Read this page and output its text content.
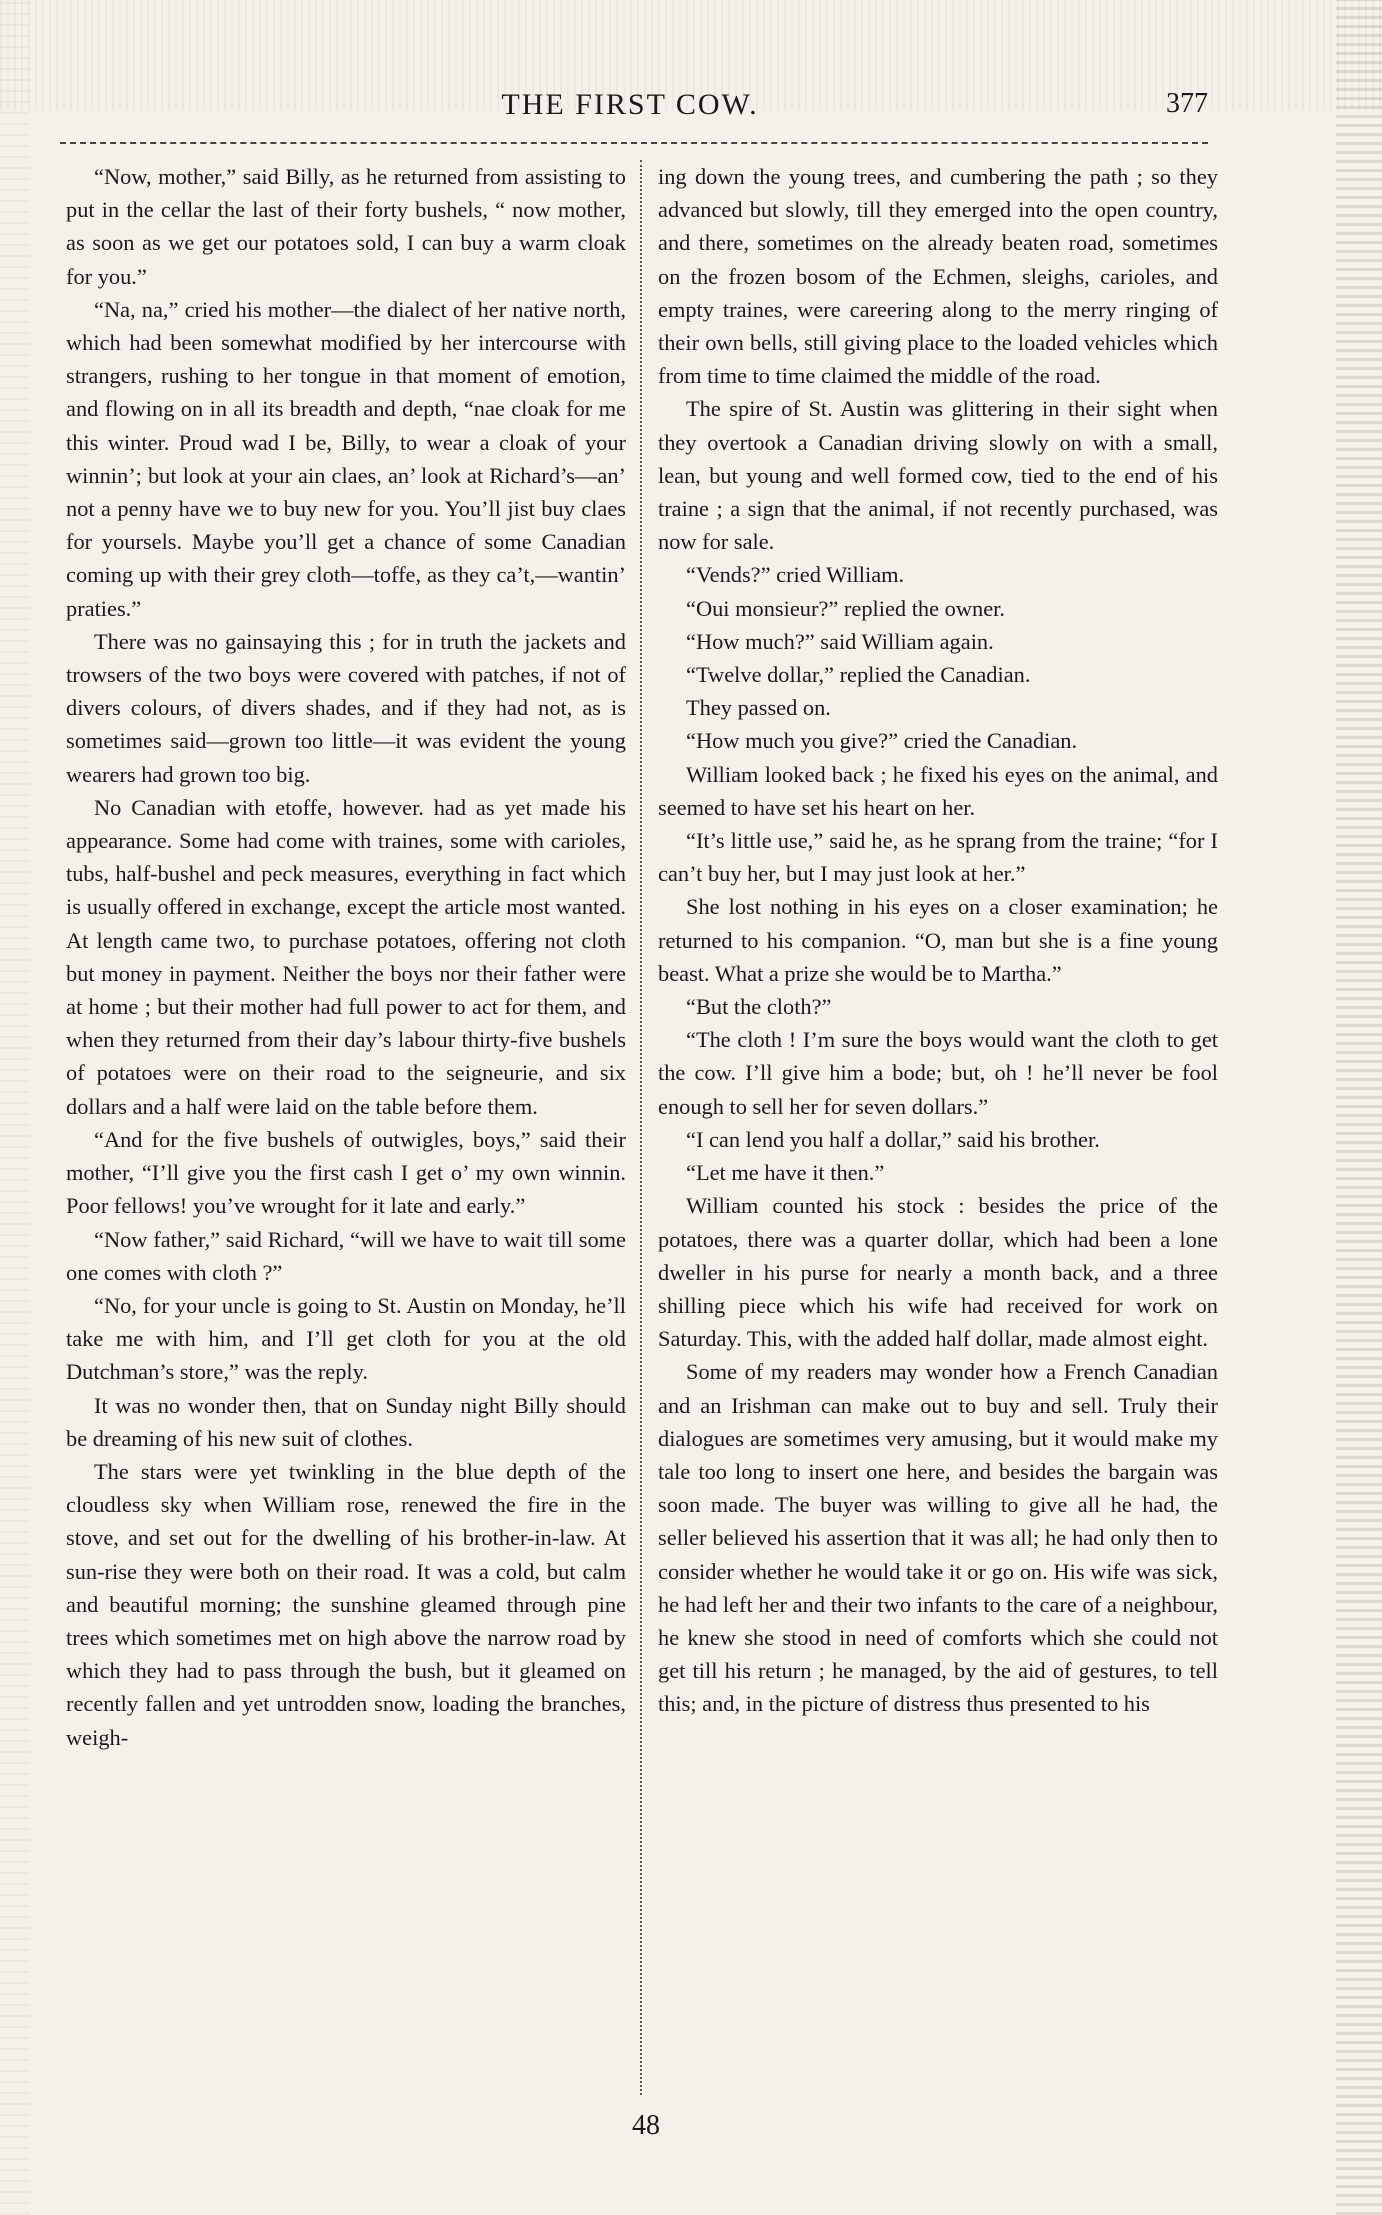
THE FIRST COW.	377

“Now, mother,” said Billy, as he returned from assisting to put in the cellar the last of their forty bushels, “ now mother, as soon as we get our potatoes sold, I can buy a warm cloak for you.”

“Na, na,” cried his mother—the dialect of her native north, which had been somewhat modified by her intercourse with strangers, rushing to her tongue in that moment of emotion, and flowing on in all its breadth and depth, “nae cloak for me this winter. Proud wad I be, Billy, to wear a cloak of your winnin’; but look at your ain claes, an’ look at Richard’s—an’ not a penny have we to buy new for you. You’ll jist buy claes for yoursels. Maybe you’ll get a chance of some Canadian coming up with their grey cloth—toffe, as they ca’t,—wantin’ praties.”

There was no gainsaying this ; for in truth the jackets and trowsers of the two boys were covered with patches, if not of divers colours, of divers shades, and if they had not, as is sometimes said—grown too little—it was evident the young wearers had grown too big.

No Canadian with etoffe, however. had as yet made his appearance. Some had come with traines, some with carioles, tubs, half-bushel and peck measures, everything in fact which is usually offered in exchange, except the article most wanted. At length came two, to purchase potatoes, offering not cloth but money in payment. Neither the boys nor their father were at home ; but their mother had full power to act for them, and when they returned from their day’s labour thirty-five bushels of potatoes were on their road to the seigneurie, and six dollars and a half were laid on the table before them.

“And for the five bushels of outwigles, boys,” said their mother, “I’ll give you the first cash I get o’ my own winnin. Poor fellows! you’ve wrought for it late and early.”

“Now father,” said Richard, “will we have to wait till some one comes with cloth ?”

“No, for your uncle is going to St. Austin on Monday, he’ll take me with him, and I’ll get cloth for you at the old Dutchman’s store,” was the reply.

It was no wonder then, that on Sunday night Billy should be dreaming of his new suit of clothes.

The stars were yet twinkling in the blue depth of the cloudless sky when William rose, renewed the fire in the stove, and set out for the dwelling of his brother-in-law. At sun-rise they were both on their road. It was a cold, but calm and beautiful morning; the sunshine gleamed through pine trees which sometimes met on high above the narrow road by which they had to pass through the bush, but it gleamed on recently fallen and yet untrodden snow, loading the branches, weigh-

ing down the young trees, and cumbering the path ; so they advanced but slowly, till they emerged into the open country, and there, sometimes on the already beaten road, sometimes on the frozen bosom of the Echmen, sleighs, carioles, and empty traines, were careering along to the merry ringing of their own bells, still giving place to the loaded vehicles which from time to time claimed the middle of the road.

The spire of St. Austin was glittering in their sight when they overtook a Canadian driving slowly on with a small, lean, but young and well formed cow, tied to the end of his traine ; a sign that the animal, if not recently purchased, was now for sale.

“Vends?” cried William.

“Oui monsieur?” replied the owner.

“How much?” said William again.

“Twelve dollar,” replied the Canadian.

They passed on.

“How much you give?” cried the Canadian.

William looked back ; he fixed his eyes on the animal, and seemed to have set his heart on her.

“It’s little use,” said he, as he sprang from the traine; “for I can’t buy her, but I may just look at her.”

She lost nothing in his eyes on a closer examination; he returned to his companion. “O, man but she is a fine young beast. What a prize she would be to Martha.”

“But the cloth?”

“The cloth ! I’m sure the boys would want the cloth to get the cow. I’ll give him a bode; but, oh ! he’ll never be fool enough to sell her for seven dollars.”

“I can lend you half a dollar,” said his brother.

“Let me have it then.”

William counted his stock : besides the price of the potatoes, there was a quarter dollar, which had been a lone dweller in his purse for nearly a month back, and a three shilling piece which his wife had received for work on Saturday. This, with the added half dollar, made almost eight.

Some of my readers may wonder how a French Canadian and an Irishman can make out to buy and sell. Truly their dialogues are sometimes very amusing, but it would make my tale too long to insert one here, and besides the bargain was soon made. The buyer was willing to give all he had, the seller believed his assertion that it was all; he had only then to consider whether he would take it or go on. His wife was sick, he had left her and their two infants to the care of a neighbour, he knew she stood in need of comforts which she could not get till his return ; he managed, by the aid of gestures, to tell this; and, in the picture of distress thus presented to his

48
